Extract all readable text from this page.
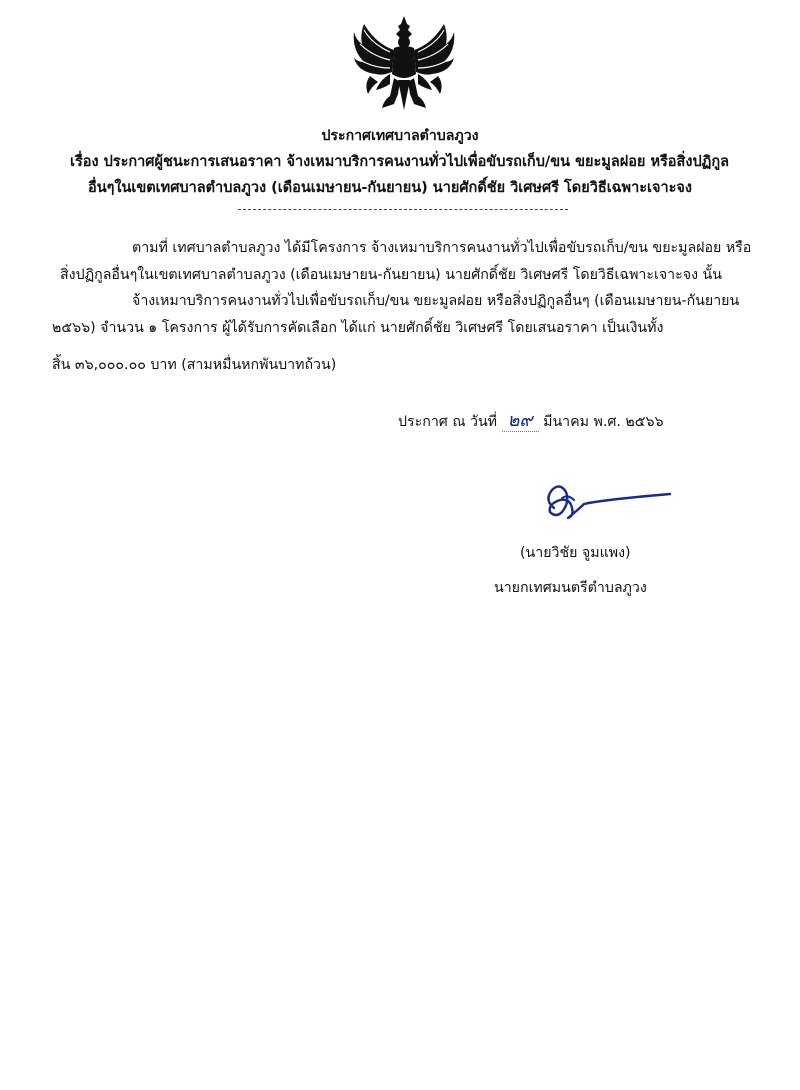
ประกาศเทศบาลตำบลภูวง
เรื่อง ประกาศผู้ชนะการเสนอราคา จ้างเหมาบริการคนงานทั่วไปเพื่อขับรถเก็บ/ขน ขยะมูลฝอย หรือสิ่งปฏิกูล
อื่นๆในเขตเทศบาลตำบลภูวง (เดือนเมษายน-กันยายน) นายศักดิ์ชัย วิเศษศรี โดยวิธีเฉพาะเจาะจง
ตามที่ เทศบาลตำบลภูวง ได้มีโครงการ จ้างเหมาบริการคนงานทั่วไปเพื่อขับรถเก็บ/ขน ขยะมูลฝอย หรือ
สิ่งปฏิกูลอื่นๆในเขตเทศบาลตำบลภูวง (เดือนเมษายน-กันยายน) นายศักดิ์ชัย วิเศษศรี โดยวิธีเฉพาะเจาะจง นั้น
จ้างเหมาบริการคนงานทั่วไปเพื่อขับรถเก็บ/ขน ขยะมูลฝอย หรือสิ่งปฏิกูลอื่นๆ (เดือนเมษายน-กันยายน
๒๕๖๖) จำนวน ๑ โครงการ ผู้ได้รับการคัดเลือก ได้แก่ นายศักดิ์ชัย วิเศษศรี โดยเสนอราคา เป็นเงินทั้ง
สิ้น ๓๖,๐๐๐.๐๐ บาท (สามหมื่นหกพันบาทถ้วน)
ประกาศ ณ วันที่ ๒๙ มีนาคม พ.ศ. ๒๕๖๖
(นายวิชัย จูมแพง)
นายกเทศมนตรีตำบลภูวง
